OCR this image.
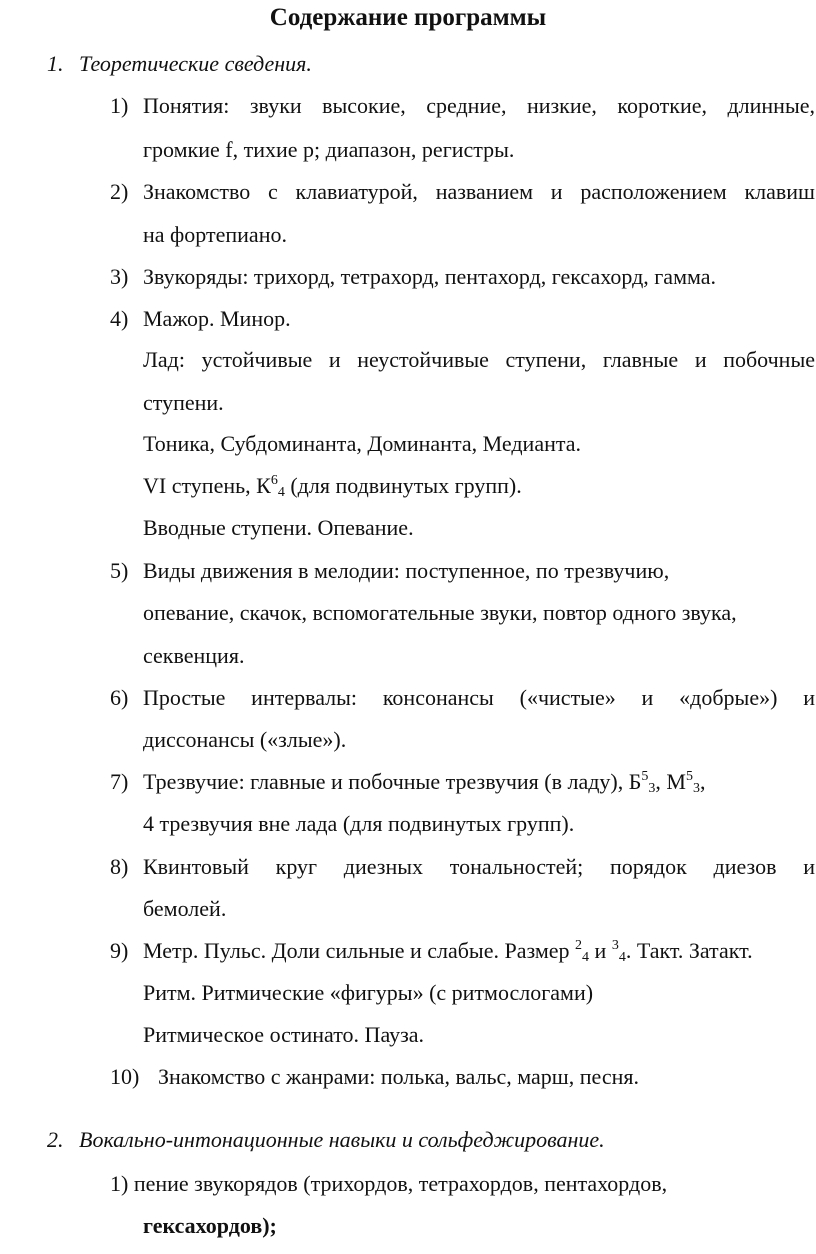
Содержание программы
1. Теоретические сведения.
1) Понятия: звуки высокие, средние, низкие, короткие, длинные,
громкие f, тихие p; диапазон, регистры.
2) Знакомство с клавиатурой, названием и расположением клавиш
на фортепиано.
3) Звукоряды: трихорд, тетрахорд, пентахорд, гексахорд, гамма.
4) Мажор. Минор.
Лад: устойчивые и неустойчивые ступени, главные и побочные
ступени.
Тоника, Субдоминанта, Доминанта, Медианта.
VI ступень, $К^6_4$ (для подвинутых групп).
Вводные ступени. Опевание.
5) Виды движения в мелодии: поступенное, по трезвучию,
опевание, скачок, вспомогательные звуки, повтор одного звука,
секвенция.
6) Простые интервалы: консонансы («чистые» и «добрые») и
диссонансы («злые»).
7) Трезвучие: главные и побочные трезвучия (в ладу), $Б^5_3$, $М^5_3$,
4 трезвучия вне лада (для подвинутых групп).
8) Квинтовый круг диезных тональностей; порядок диезов и
бемолей.
9) Метр. Пульс. Доли сильные и слабые. Размер $^2_4$ и $^3_4$. Такт. Затакт.
Ритм. Ритмические «фигуры» (с ритмослогами)
Ритмическое остинато. Пауза.
10) Знакомство с жанрами: полька, вальс, марш, песня.
2. Вокально-интонационные навыки и сольфеджирование.
1) пение звукорядов (трихордов, тетрахордов, пентахордов,
гексахордов);
